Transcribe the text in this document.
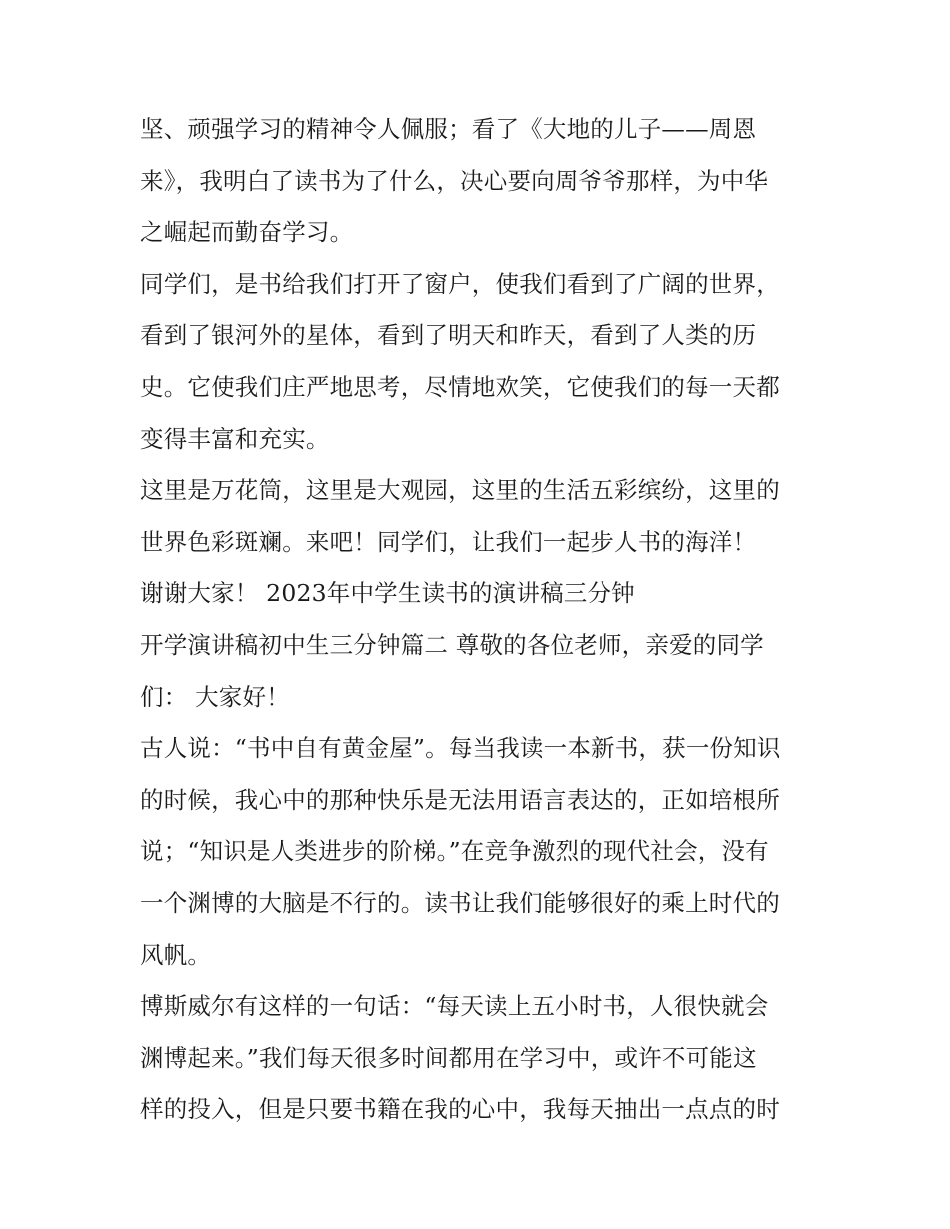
坚、顽强学习的精神令人佩服；看了《大地的儿子——周恩
来》，我明白了读书为了什么，决心要向周爷爷那样，为中华
之崛起而勤奋学习。
同学们，是书给我们打开了窗户，使我们看到了广阔的世界，
看到了银河外的星体，看到了明天和昨天，看到了人类的历
史。它使我们庄严地思考，尽情地欢笑，它使我们的每一天都
变得丰富和充实。
这里是万花筒，这里是大观园，这里的生活五彩缤纷，这里的
世界色彩斑斓。来吧！同学们，让我们一起步人书的海洋！
谢谢大家！ 2023年中学生读书的演讲稿三分钟
开学演讲稿初中生三分钟篇二 尊敬的各位老师，亲爱的同学
们： 大家好！
古人说：“书中自有黄金屋”。每当我读一本新书，获一份知识
的时候，我心中的那种快乐是无法用语言表达的，正如培根所
说；“知识是人类进步的阶梯。”在竞争激烈的现代社会，没有
一个渊博的大脑是不行的。读书让我们能够很好的乘上时代的
风帆。
博斯威尔有这样的一句话：“每天读上五小时书，人很快就会
渊博起来。”我们每天很多时间都用在学习中，或许不可能这
样的投入，但是只要书籍在我的心中，我每天抽出一点点的时
